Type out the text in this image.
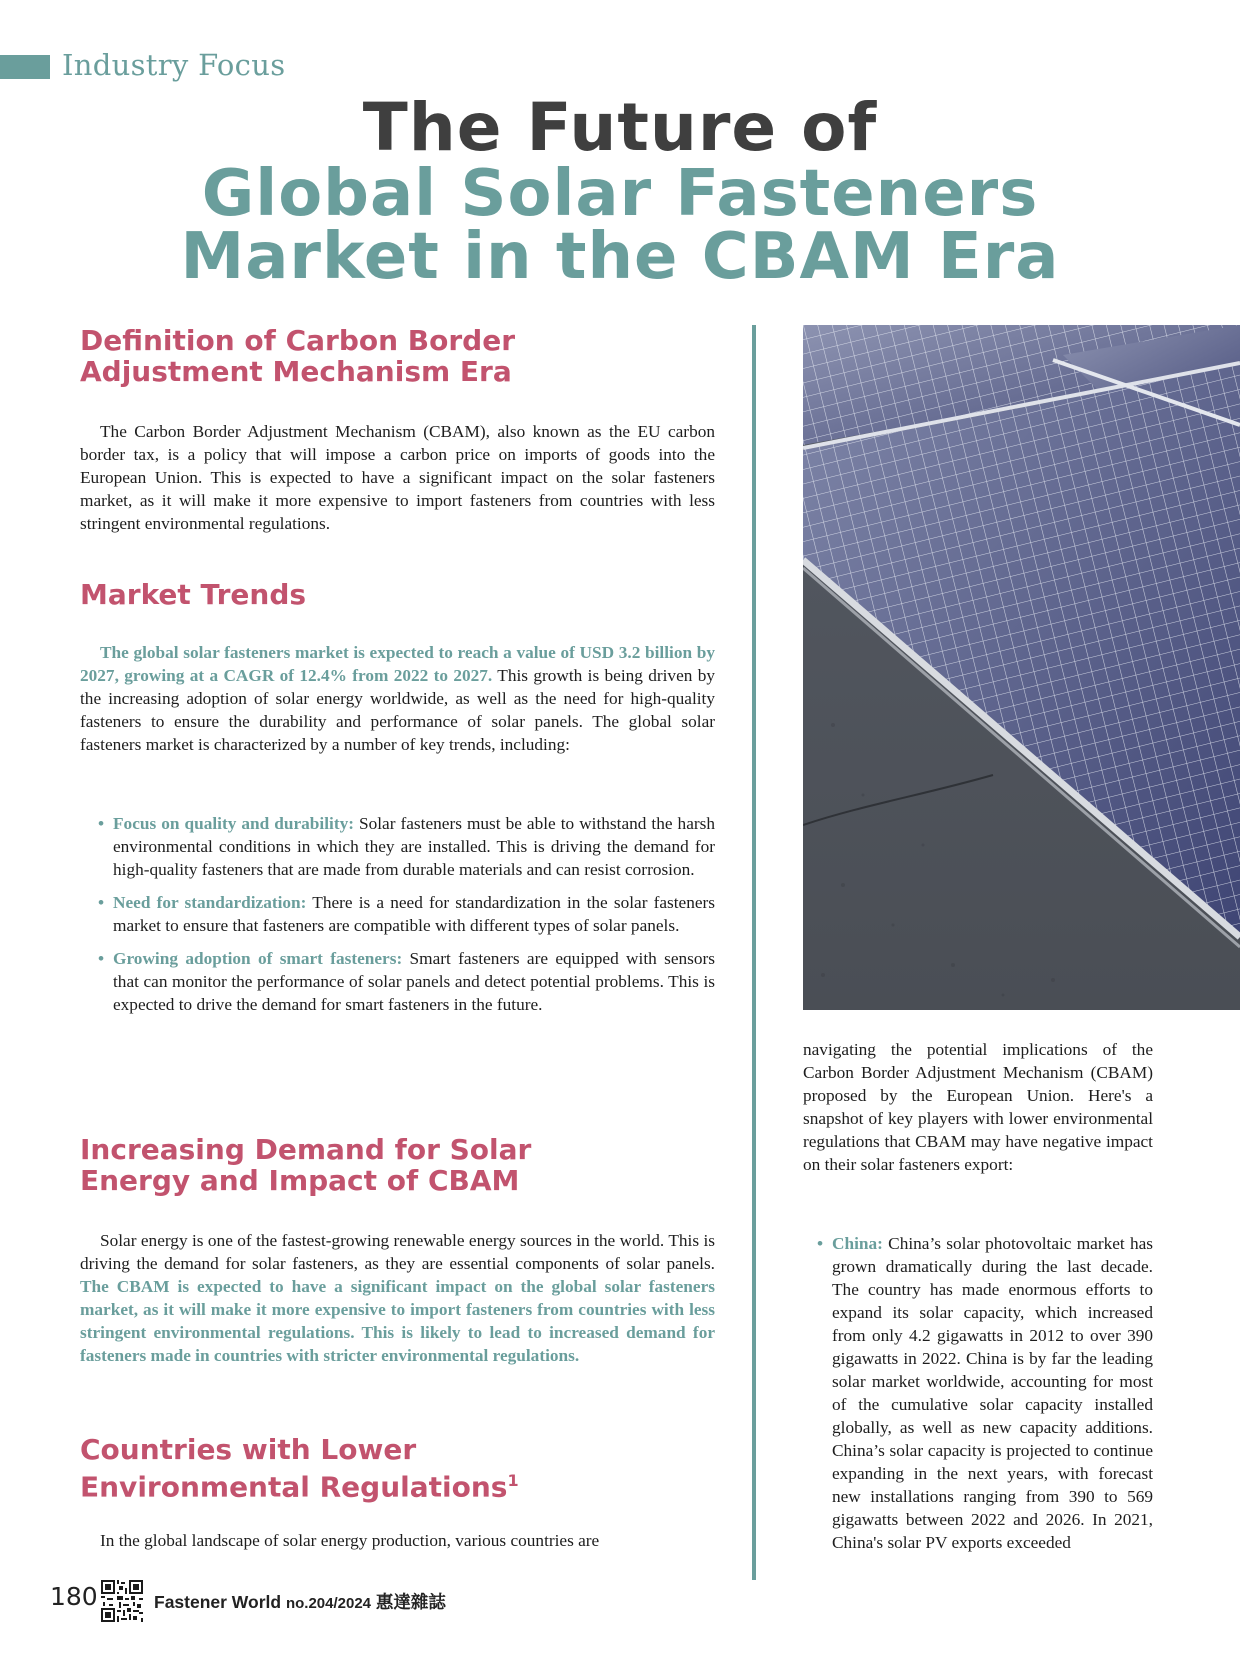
Industry Focus
The Future of
Global Solar Fasteners
Market in the CBAM Era
Definition of Carbon Border
Adjustment Mechanism Era
The Carbon Border Adjustment Mechanism (CBAM), also known as the EU carbon border tax, is a policy that will impose a carbon price on imports of goods into the European Union. This is expected to have a significant impact on the solar fasteners market, as it will make it more expensive to import fasteners from countries with less stringent environmental regulations.
Market Trends
The global solar fasteners market is expected to reach a value of USD 3.2 billion by 2027, growing at a CAGR of 12.4% from 2022 to 2027. This growth is being driven by the increasing adoption of solar energy worldwide, as well as the need for high-quality fasteners to ensure the durability and performance of solar panels. The global solar fasteners market is characterized by a number of key trends, including:
• Focus on quality and durability: Solar fasteners must be able to withstand the harsh environmental conditions in which they are installed. This is driving the demand for high-quality fasteners that are made from durable materials and can resist corrosion.
• Need for standardization: There is a need for standardization in the solar fasteners market to ensure that fasteners are compatible with different types of solar panels.
• Growing adoption of smart fasteners: Smart fasteners are equipped with sensors that can monitor the performance of solar panels and detect potential problems. This is expected to drive the demand for smart fasteners in the future.
Increasing Demand for Solar
Energy and Impact of CBAM
Solar energy is one of the fastest-growing renewable energy sources in the world. This is driving the demand for solar fasteners, as they are essential components of solar panels. The CBAM is expected to have a significant impact on the global solar fasteners market, as it will make it more expensive to import fasteners from countries with less stringent environmental regulations. This is likely to lead to increased demand for fasteners made in countries with stricter environmental regulations.
Countries with Lower
Environmental Regulations$^1$
In the global landscape of solar energy production, various countries are
navigating the potential implications of the Carbon Border Adjustment Mechanism (CBAM) proposed by the European Union. Here's a snapshot of key players with lower environmental regulations that CBAM may have negative impact on their solar fasteners export:
• China: China’s solar photovoltaic market has grown dramatically during the last decade. The country has made enormous efforts to expand its solar capacity, which increased from only 4.2 gigawatts in 2012 to over 390 gigawatts in 2022. China is by far the leading solar market worldwide, accounting for most of the cumulative solar capacity installed globally, as well as new capacity additions. China’s solar capacity is projected to continue expanding in the next years, with forecast new installations ranging from 390 to 569 gigawatts between 2022 and 2026. In 2021, China's solar PV exports exceeded
180	Fastener World no.204/2024 惠達雜誌
